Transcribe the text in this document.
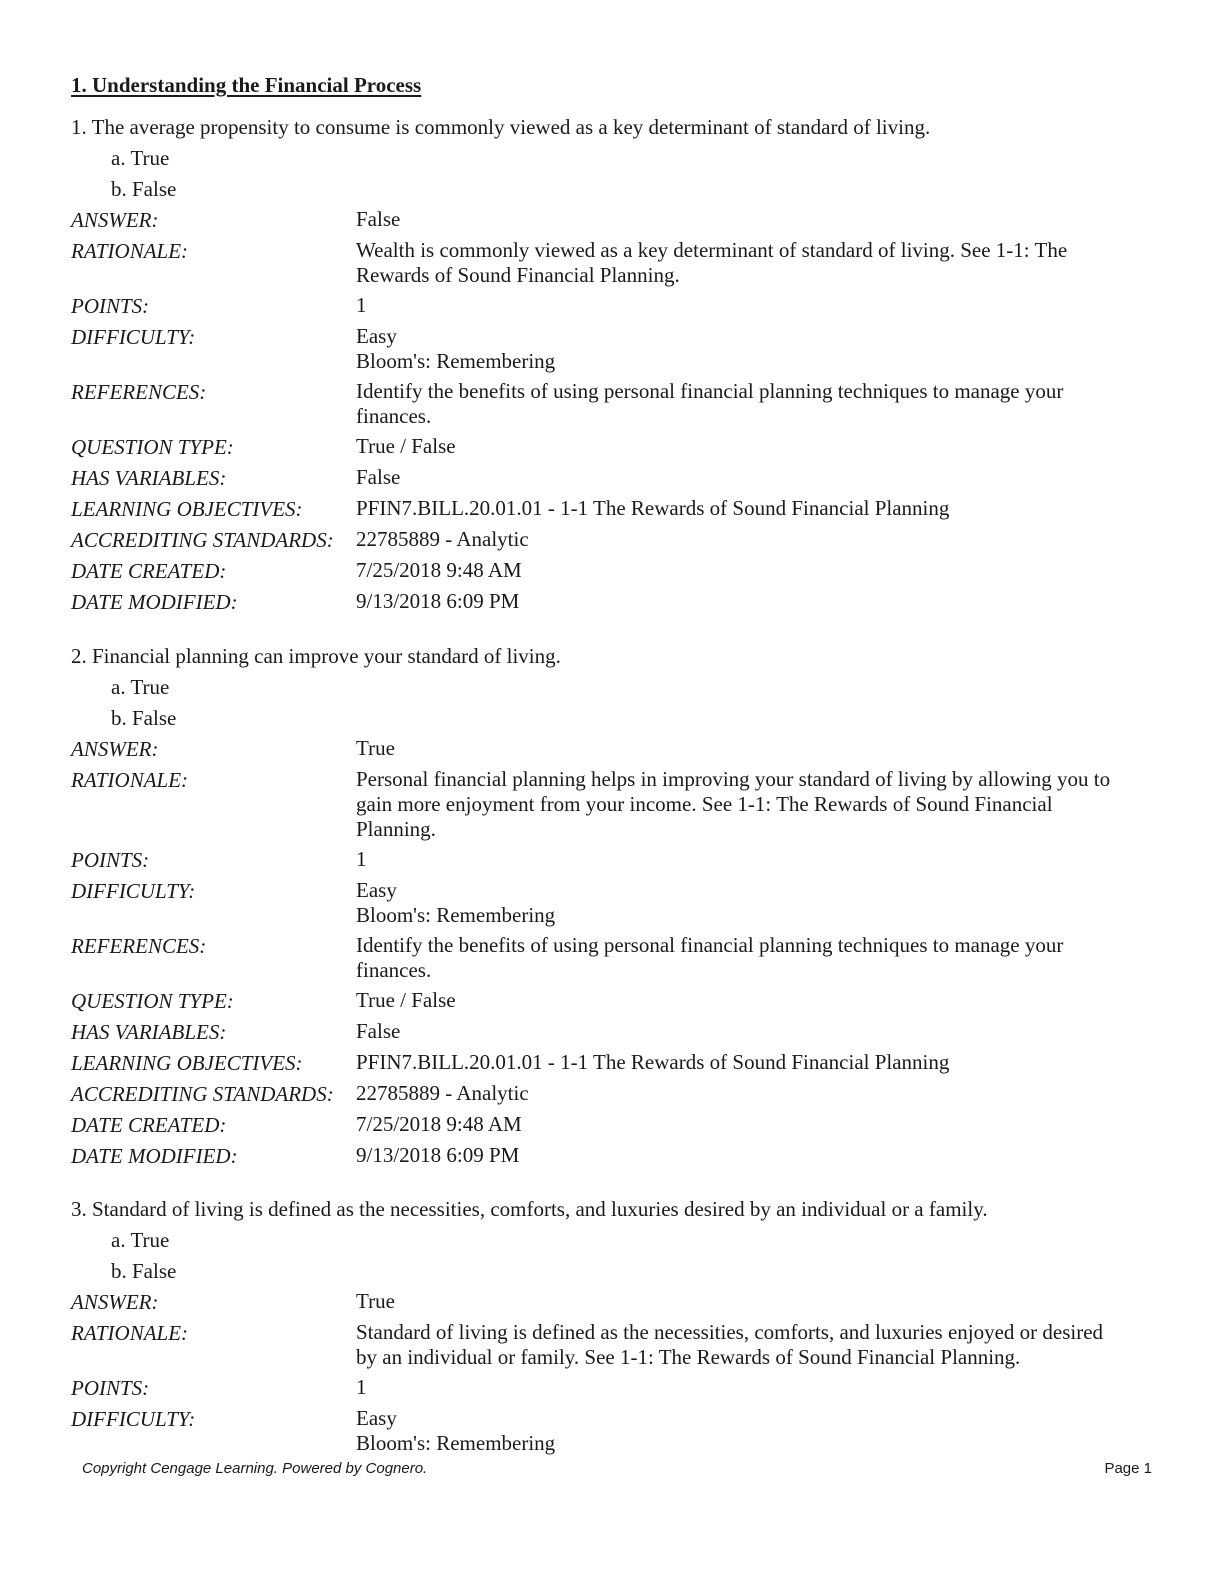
1. Understanding the Financial Process
1. The average propensity to consume is commonly viewed as a key determinant of standard of living.
a. True
b. False
ANSWER:	False
RATIONALE:	Wealth is commonly viewed as a key determinant of standard of living. See 1-1: The
Rewards of Sound Financial Planning.
POINTS:	1
DIFFICULTY:	Easy
Bloom's: Remembering
REFERENCES:	Identify the benefits of using personal financial planning techniques to manage your
finances.
QUESTION TYPE:	True / False
HAS VARIABLES:	False
LEARNING OBJECTIVES:	PFIN7.BILL.20.01.01 - 1-1 The Rewards of Sound Financial Planning
ACCREDITING STANDARDS:	22785889 - Analytic
DATE CREATED:	7/25/2018 9:48 AM
DATE MODIFIED:	9/13/2018 6:09 PM
2. Financial planning can improve your standard of living.
a. True
b. False
ANSWER:	True
RATIONALE:	Personal financial planning helps in improving your standard of living by allowing you to
gain more enjoyment from your income. See 1-1: The Rewards of Sound Financial
Planning.
POINTS:	1
DIFFICULTY:	Easy
Bloom's: Remembering
REFERENCES:	Identify the benefits of using personal financial planning techniques to manage your
finances.
QUESTION TYPE:	True / False
HAS VARIABLES:	False
LEARNING OBJECTIVES:	PFIN7.BILL.20.01.01 - 1-1 The Rewards of Sound Financial Planning
ACCREDITING STANDARDS:	22785889 - Analytic
DATE CREATED:	7/25/2018 9:48 AM
DATE MODIFIED:	9/13/2018 6:09 PM
3. Standard of living is defined as the necessities, comforts, and luxuries desired by an individual or a family.
a. True
b. False
ANSWER:	True
RATIONALE:	Standard of living is defined as the necessities, comforts, and luxuries enjoyed or desired
by an individual or family. See 1-1: The Rewards of Sound Financial Planning.
POINTS:	1
DIFFICULTY:	Easy
Bloom's: Remembering
Copyright Cengage Learning. Powered by Cognero.	Page 1
